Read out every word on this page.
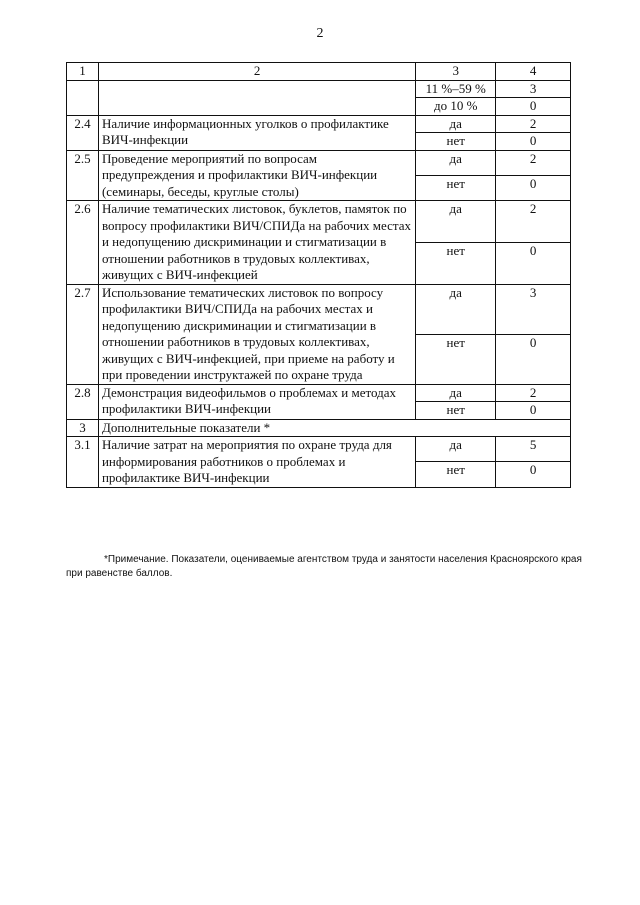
2
1	2	3	4
		11 %–59 %	3
		до 10 %	0
2.4	Наличие информационных уголков о профилактике ВИЧ-инфекции	да	2
		нет	0
2.5	Проведение мероприятий по вопросам предупреждения и профилактики ВИЧ-инфекции (семинары, беседы, круглые столы)	да	2
		нет	0
2.6	Наличие тематических листовок, буклетов, памяток по вопросу профилактики ВИЧ/СПИДа на рабочих местах и недопущению дискриминации и стигматизации в отношении работников в трудовых коллективах, живущих с ВИЧ-инфекцией	да	2
		нет	0
2.7	Использование тематических листовок по вопросу профилактики ВИЧ/СПИДа на рабочих местах и недопущению дискриминации и стигматизации в отношении работников в трудовых коллективах, живущих с ВИЧ-инфекцией, при приеме на работу и при проведении инструктажей по охране труда	да	3
		нет	0
2.8	Демонстрация видеофильмов о проблемах и методах профилактики ВИЧ-инфекции	да	2
		нет	0
3	Дополнительные показатели *		
3.1	Наличие затрат на мероприятия по охране труда для информирования работников о проблемах и профилактике ВИЧ-инфекции	да	5
		нет	0
*Примечание. Показатели, оцениваемые агентством труда и занятости населения Красноярского края при равенстве баллов.
